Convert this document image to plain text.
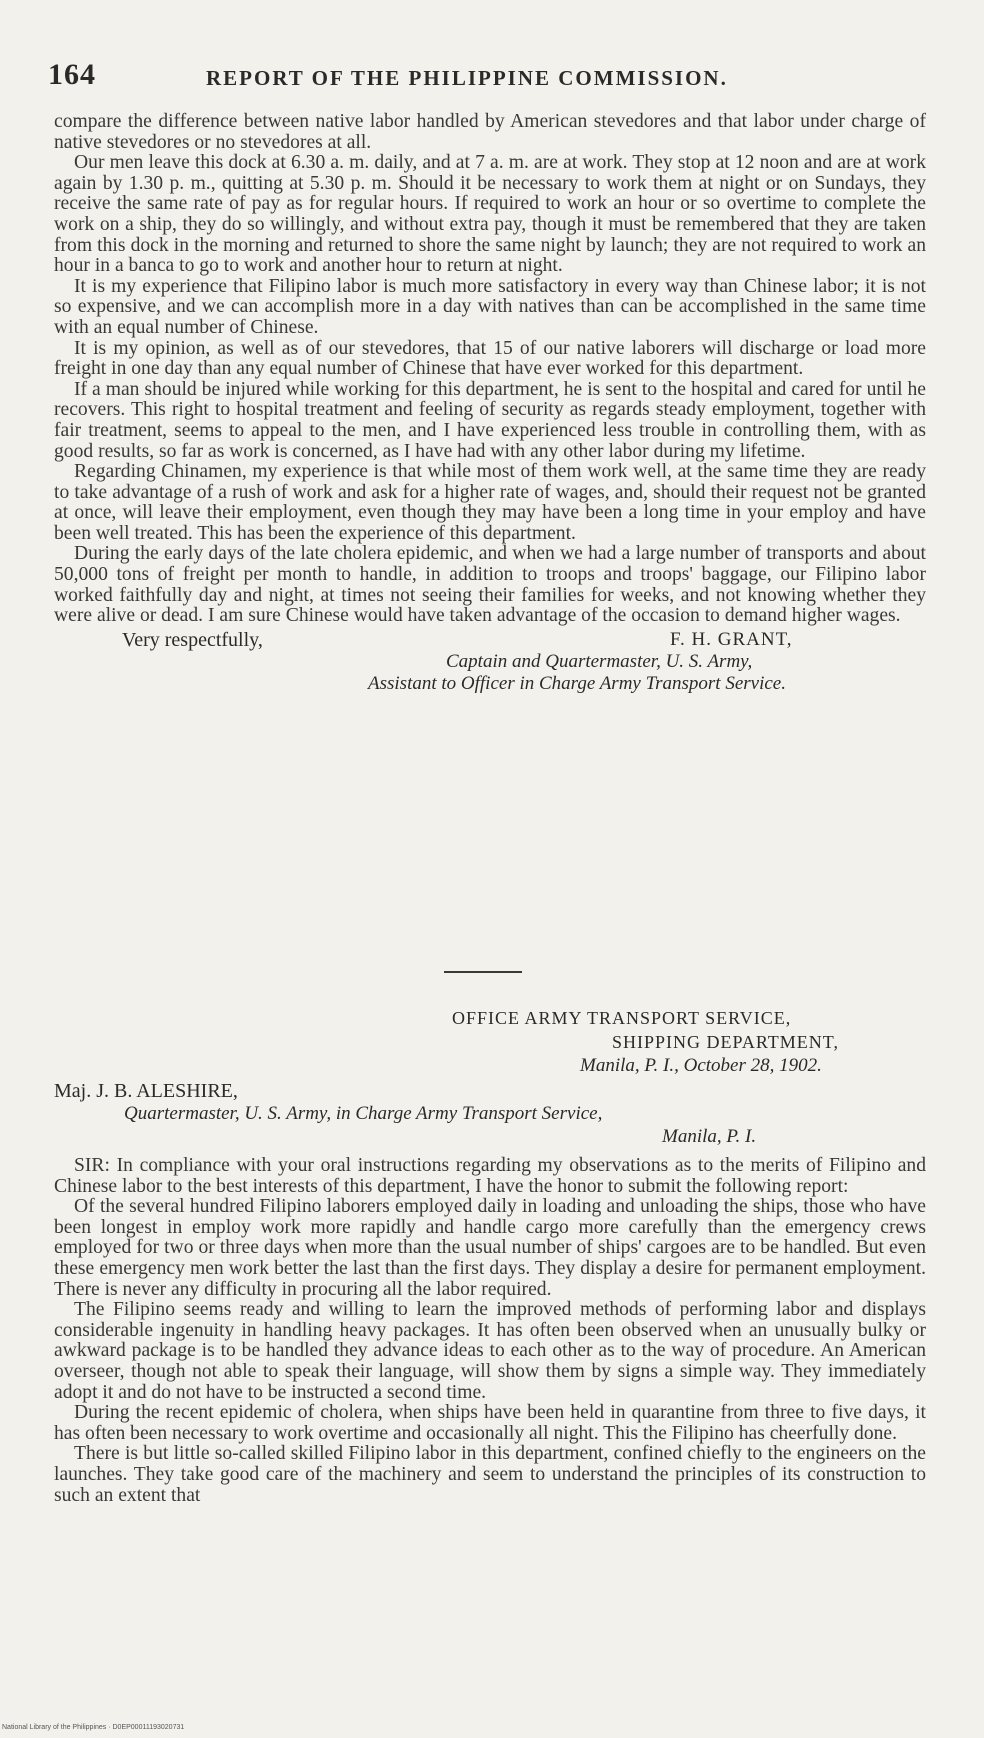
164	REPORT OF THE PHILIPPINE COMMISSION.

compare the difference between native labor handled by American stevedores and that labor under charge of native stevedores or no stevedores at all.

Our men leave this dock at 6.30 a. m. daily, and at 7 a. m. are at work. They stop at 12 noon and are at work again by 1.30 p. m., quitting at 5.30 p. m. Should it be necessary to work them at night or on Sundays, they receive the same rate of pay as for regular hours. If required to work an hour or so overtime to complete the work on a ship, they do so willingly, and without extra pay, though it must be remembered that they are taken from this dock in the morning and returned to shore the same night by launch; they are not required to work an hour in a banca to go to work and another hour to return at night.

It is my experience that Filipino labor is much more satisfactory in every way than Chinese labor; it is not so expensive, and we can accomplish more in a day with natives than can be accomplished in the same time with an equal number of Chinese.

It is my opinion, as well as of our stevedores, that 15 of our native laborers will discharge or load more freight in one day than any equal number of Chinese that have ever worked for this department.

If a man should be injured while working for this department, he is sent to the hospital and cared for until he recovers. This right to hospital treatment and feeling of security as regards steady employment, together with fair treatment, seems to appeal to the men, and I have experienced less trouble in controlling them, with as good results, so far as work is concerned, as I have had with any other labor during my lifetime.

Regarding Chinamen, my experience is that while most of them work well, at the same time they are ready to take advantage of a rush of work and ask for a higher rate of wages, and, should their request not be granted at once, will leave their employment, even though they may have been a long time in your employ and have been well treated. This has been the experience of this department.

During the early days of the late cholera epidemic, and when we had a large number of transports and about 50,000 tons of freight per month to handle, in addition to troops and troops' baggage, our Filipino labor worked faithfully day and night, at times not seeing their families for weeks, and not knowing whether they were alive or dead. I am sure Chinese would have taken advantage of the occasion to demand higher wages.

Very respectfully,	F. H. GRANT,
Captain and Quartermaster, U. S. Army,
Assistant to Officer in Charge Army Transport Service.
OFFICE ARMY TRANSPORT SERVICE,
SHIPPING DEPARTMENT,
Manila, P. I., October 28, 1902.
Maj. J. B. ALESHIRE,
Quartermaster, U. S. Army, in Charge Army Transport Service,
Manila, P. I.

SIR: In compliance with your oral instructions regarding my observations as to the merits of Filipino and Chinese labor to the best interests of this department, I have the honor to submit the following report:

Of the several hundred Filipino laborers employed daily in loading and unloading the ships, those who have been longest in employ work more rapidly and handle cargo more carefully than the emergency crews employed for two or three days when more than the usual number of ships' cargoes are to be handled. But even these emergency men work better the last than the first days. They display a desire for permanent employment. There is never any difficulty in procuring all the labor required.

The Filipino seems ready and willing to learn the improved methods of performing labor and displays considerable ingenuity in handling heavy packages. It has often been observed when an unusually bulky or awkward package is to be handled they advance ideas to each other as to the way of procedure. An American overseer, though not able to speak their language, will show them by signs a simple way. They immediately adopt it and do not have to be instructed a second time.

During the recent epidemic of cholera, when ships have been held in quarantine from three to five days, it has often been necessary to work overtime and occasionally all night. This the Filipino has cheerfully done.

There is but little so-called skilled Filipino labor in this department, confined chiefly to the engineers on the launches. They take good care of the machinery and seem to understand the principles of its construction to such an extent that

National Library of the Philippines · D0EP00011193020731
